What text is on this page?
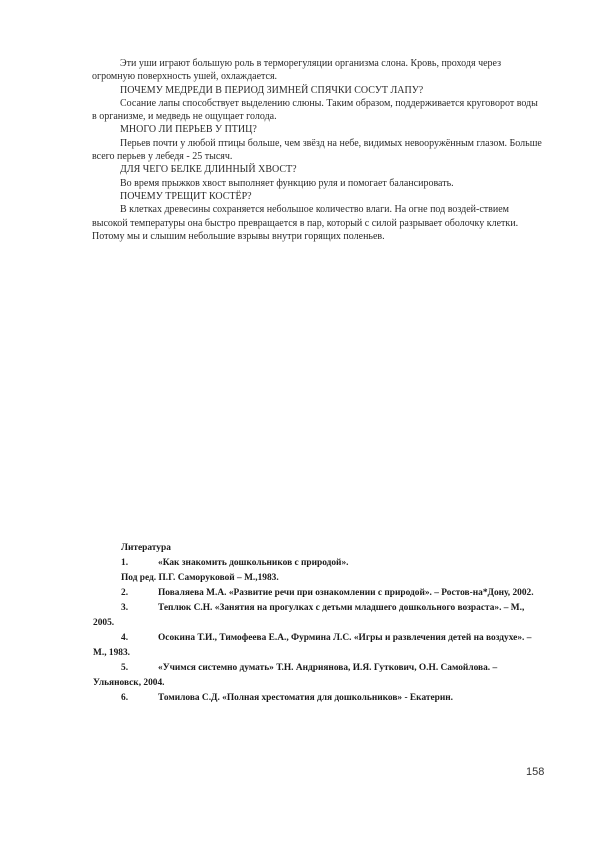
Эти уши играют большую роль в терморегуляции организма слона. Кровь, проходя через огромную поверхность ушей, охлаждается.

ПОЧЕМУ МЕДРЕДИ В ПЕРИОД ЗИМНЕЙ СПЯЧКИ СОСУТ ЛАПУ?

Сосание лапы способствует выделению слюны. Таким образом, поддерживается круговорот воды в организме, и медведь не ощущает голода.

МНОГО ЛИ ПЕРЬЕВ У ПТИЦ?

Перьев почти у любой птицы больше, чем звёзд на небе, видимых невооружённым глазом. Больше всего перьев у лебедя - 25 тысяч.

ДЛЯ ЧЕГО БЕЛКЕ ДЛИННЫЙ ХВОСТ?

Во время прыжков хвост выполняет функцию руля и помогает балансировать.

ПОЧЕМУ ТРЕЩИТ КОСТЁР?

В клетках древесины сохраняется небольшое количество влаги. На огне под воздей-ствием высокой температуры она быстро превращается в пар, который с силой разрывает оболочку клетки. Потому мы и слышим небольшие взрывы внутри горящих поленьев.

Литература

1.	«Как знакомить дошкольников с природой».

Под ред. П.Г. Саморуковой – М.,1983.

2.	Поваляева М.А. «Развитие речи при ознакомлении с природой». – Ростов-на*Дону, 2002.

3.	Теплюк С.Н. «Занятия на прогулках с детьми младшего дошкольного возраста». – М., 2005.

4.	Осокина Т.И., Тимофеева Е.А., Фурмина Л.С. «Игры и развлечения детей на воздухе». – М., 1983.

5.	«Учимся системно думать» Т.Н. Андриянова, И.Я. Гуткович, О.Н. Самойлова. – Ульяновск, 2004.

6.	Томилова С.Д. «Полная хрестоматия для дошкольников» - Екатерин.

158
